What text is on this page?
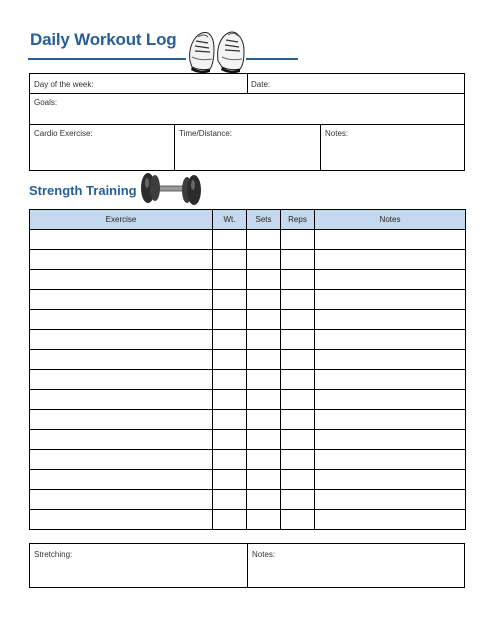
Daily Workout Log
Day of the week:	Date:
Goals:
Cardio Exercise:	Time/Distance:	Notes:
Strength Training
Exercise	Wt.	Sets	Reps	Notes

Stretching:	Notes:
